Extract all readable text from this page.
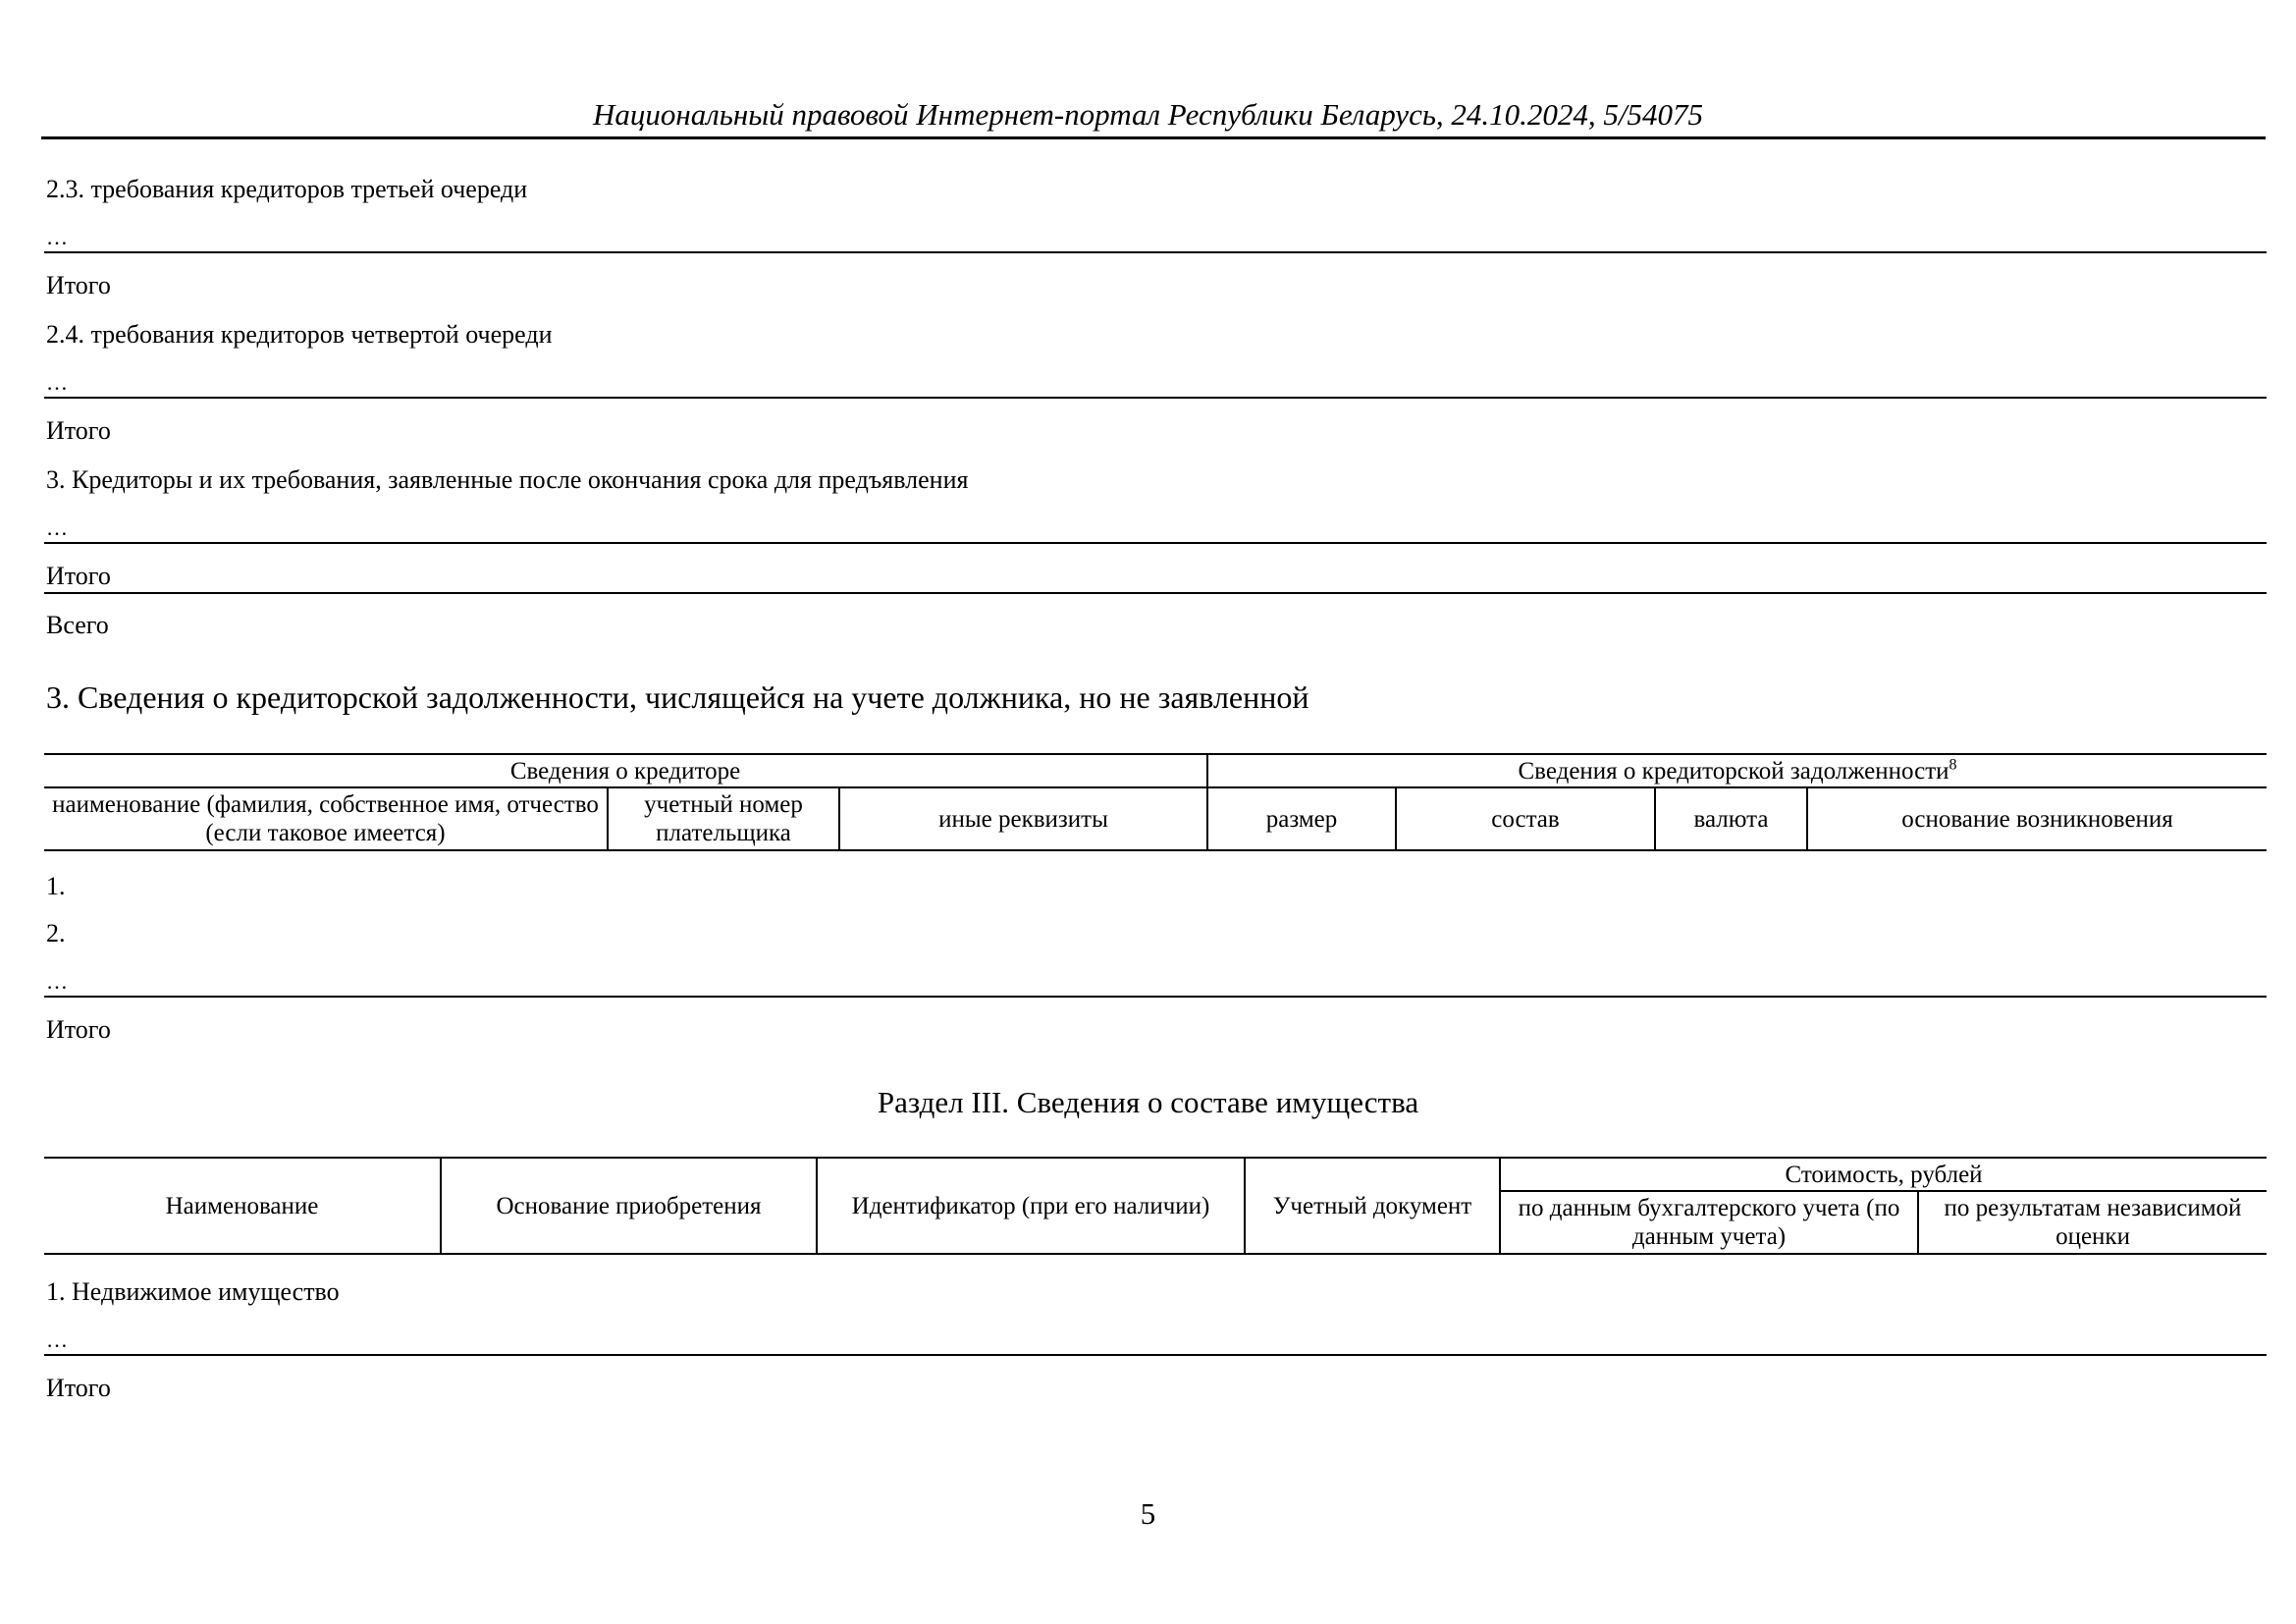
Национальный правовой Интернет-портал Республики Беларусь, 24.10.2024, 5/54075
2.3. требования кредиторов третьей очереди
…
Итого
2.4. требования кредиторов четвертой очереди
…
Итого
3. Кредиторы и их требования, заявленные после окончания срока для предъявления
…
Итого
Всего
3. Сведения о кредиторской задолженности, числящейся на учете должника, но не заявленной
Сведения о кредиторе			Сведения о кредиторской задолженности$^8$
наименование (фамилия, собственное имя, отчество (если таковое имеется)	учетный номер плательщика	иные реквизиты	размер	состав	валюта	основание возникновения
1.
2.
…
Итого
Раздел III. Сведения о составе имущества
Наименование	Основание приобретения	Идентификатор (при его наличии)	Учетный документ	Стоимость, рублей	
				по данным бухгалтерского учета (по данным учета)	по результатам независимой оценки
1. Недвижимое имущество
…
Итого
5
